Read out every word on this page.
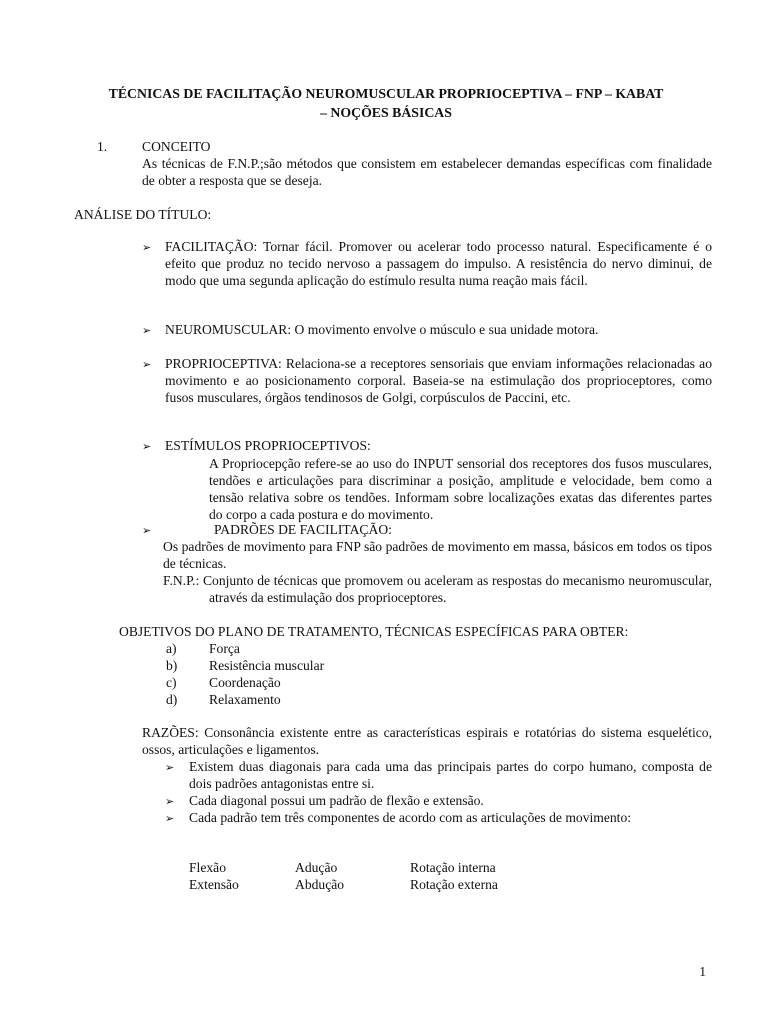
TÉCNICAS DE FACILITAÇÃO NEUROMUSCULAR PROPRIOCEPTIVA – FNP – KABAT
– NOÇÕES BÁSICAS
1.	CONCEITO
As técnicas de F.N.P.;são métodos que consistem em estabelecer demandas específicas com finalidade de obter a resposta que se deseja.
ANÁLISE DO TÍTULO:
➢ FACILITAÇÃO: Tornar fácil. Promover ou acelerar todo processo natural. Especificamente é o efeito que produz no tecido nervoso a passagem do impulso. A resistência do nervo diminui, de modo que uma segunda aplicação do estímulo resulta numa reação mais fácil.
➢ NEUROMUSCULAR: O movimento envolve o músculo e sua unidade motora.
➢ PROPRIOCEPTIVA: Relaciona-se a receptores sensoriais que enviam informações relacionadas ao movimento e ao posicionamento corporal. Baseia-se na estimulação dos proprioceptores, como fusos musculares, órgãos tendinosos de Golgi, corpúsculos de Paccini, etc.
➢ ESTÍMULOS PROPRIOCEPTIVOS:
A Propriocepção refere-se ao uso do INPUT sensorial dos receptores dos fusos musculares, tendões e articulações para discriminar a posição, amplitude e velocidade, bem como a tensão relativa sobre os tendões. Informam sobre localizações exatas das diferentes partes do corpo a cada postura e do movimento.
➢	PADRÕES DE FACILITAÇÃO:
Os padrões de movimento para FNP são padrões de movimento em massa, básicos em todos os tipos de técnicas.
F.N.P.: Conjunto de técnicas que promovem ou aceleram as respostas do mecanismo neuromuscular, através da estimulação dos proprioceptores.
OBJETIVOS DO PLANO DE TRATAMENTO, TÉCNICAS ESPECÍFICAS PARA OBTER:
a) Força
b) Resistência muscular
c) Coordenação
d) Relaxamento
RAZÕES: Consonância existente entre as características espirais e rotatórias do sistema esquelético, ossos, articulações e ligamentos.
➢ Existem duas diagonais para cada uma das principais partes do corpo humano, composta de dois padrões antagonistas entre si.
➢ Cada diagonal possui um padrão de flexão e extensão.
➢ Cada padrão tem três componentes de acordo com as articulações de movimento:
Flexão	Adução	Rotação interna
Extensão	Abdução	Rotação externa
1
